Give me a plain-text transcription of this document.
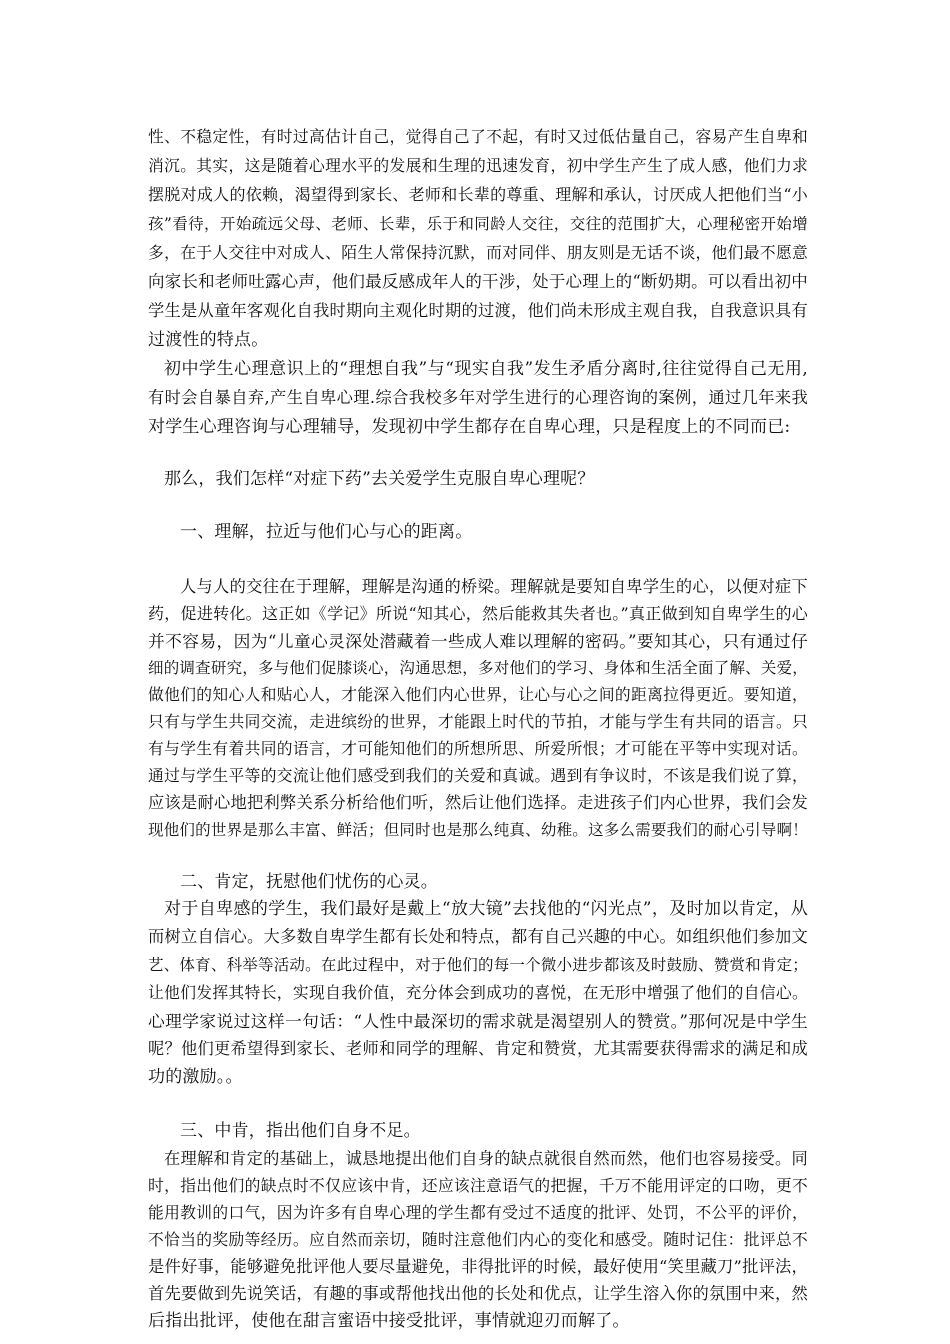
性、不稳定性，有时过高估计自己，觉得自己了不起，有时又过低估量自己，容易产生自卑和
消沉。其实，这是随着心理水平的发展和生理的迅速发育，初中学生产生了成人感，他们力求
摆脱对成人的依赖，渴望得到家长、老师和长辈的尊重、理解和承认，讨厌成人把他们当“小
孩”看待，开始疏远父母、老师、长辈，乐于和同龄人交往，交往的范围扩大，心理秘密开始增
多，在于人交往中对成人、陌生人常保持沉默，而对同伴、朋友则是无话不谈，他们最不愿意
向家长和老师吐露心声，他们最反感成年人的干涉，处于心理上的“断奶期。可以看出初中
学生是从童年客观化自我时期向主观化时期的过渡，他们尚未形成主观自我，自我意识具有
过渡性的特点。
初中学生心理意识上的“理想自我”与“现实自我”发生矛盾分离时,往往觉得自己无用,
有时会自暴自弃,产生自卑心理.综合我校多年对学生进行的心理咨询的案例，通过几年来我
对学生心理咨询与心理辅导，发现初中学生都存在自卑心理，只是程度上的不同而已:
那么，我们怎样“对症下药”去关爱学生克服自卑心理呢？
一、理解，拉近与他们心与心的距离。
人与人的交往在于理解，理解是沟通的桥梁。理解就是要知自卑学生的心，以便对症下
药，促进转化。这正如《学记》所说“知其心，然后能救其失者也。”真正做到知自卑学生的心
并不容易，因为“儿童心灵深处潜藏着一些成人难以理解的密码。”要知其心，只有通过仔
细的调查研究，多与他们促膝谈心，沟通思想，多对他们的学习、身体和生活全面了解、关爱，
做他们的知心人和贴心人，才能深入他们内心世界，让心与心之间的距离拉得更近。要知道，
只有与学生共同交流，走进缤纷的世界，才能跟上时代的节拍，才能与学生有共同的语言。只
有与学生有着共同的语言，才可能知他们的所想所思、所爱所恨；才可能在平等中实现对话。
通过与学生平等的交流让他们感受到我们的关爱和真诚。遇到有争议时，不该是我们说了算，
应该是耐心地把利弊关系分析给他们听，然后让他们选择。走进孩子们内心世界，我们会发
现他们的世界是那么丰富、鲜活；但同时也是那么纯真、幼稚。这多么需要我们的耐心引导啊！
二、肯定，抚慰他们忧伤的心灵。
对于自卑感的学生，我们最好是戴上“放大镜”去找他的“闪光点”，及时加以肯定，从
而树立自信心。大多数自卑学生都有长处和特点，都有自己兴趣的中心。如组织他们参加文
艺、体育、科举等活动。在此过程中，对于他们的每一个微小进步都该及时鼓励、赞赏和肯定；
让他们发挥其特长，实现自我价值，充分体会到成功的喜悦，在无形中增强了他们的自信心。
心理学家说过这样一句话：“人性中最深切的需求就是渴望别人的赞赏。”那何况是中学生
呢？他们更希望得到家长、老师和同学的理解、肯定和赞赏，尤其需要获得需求的满足和成
功的激励。。
三、中肯，指出他们自身不足。
在理解和肯定的基础上，诚恳地提出他们自身的缺点就很自然而然，他们也容易接受。同
时，指出他们的缺点时不仅应该中肯，还应该注意语气的把握，千万不能用评定的口吻，更不
能用教训的口气，因为许多有自卑心理的学生都有受过不适度的批评、处罚，不公平的评价，
不恰当的奖励等经历。应自然而亲切，随时注意他们内心的变化和感受。随时记住：批评总不
是件好事，能够避免批评他人要尽量避免，非得批评的时候，最好使用“笑里藏刀”批评法，
首先要做到先说笑话，有趣的事或帮他找出他的长处和优点，让学生溶入你的氛围中来，然
后指出批评，使他在甜言蜜语中接受批评，事情就迎刃而解了。
